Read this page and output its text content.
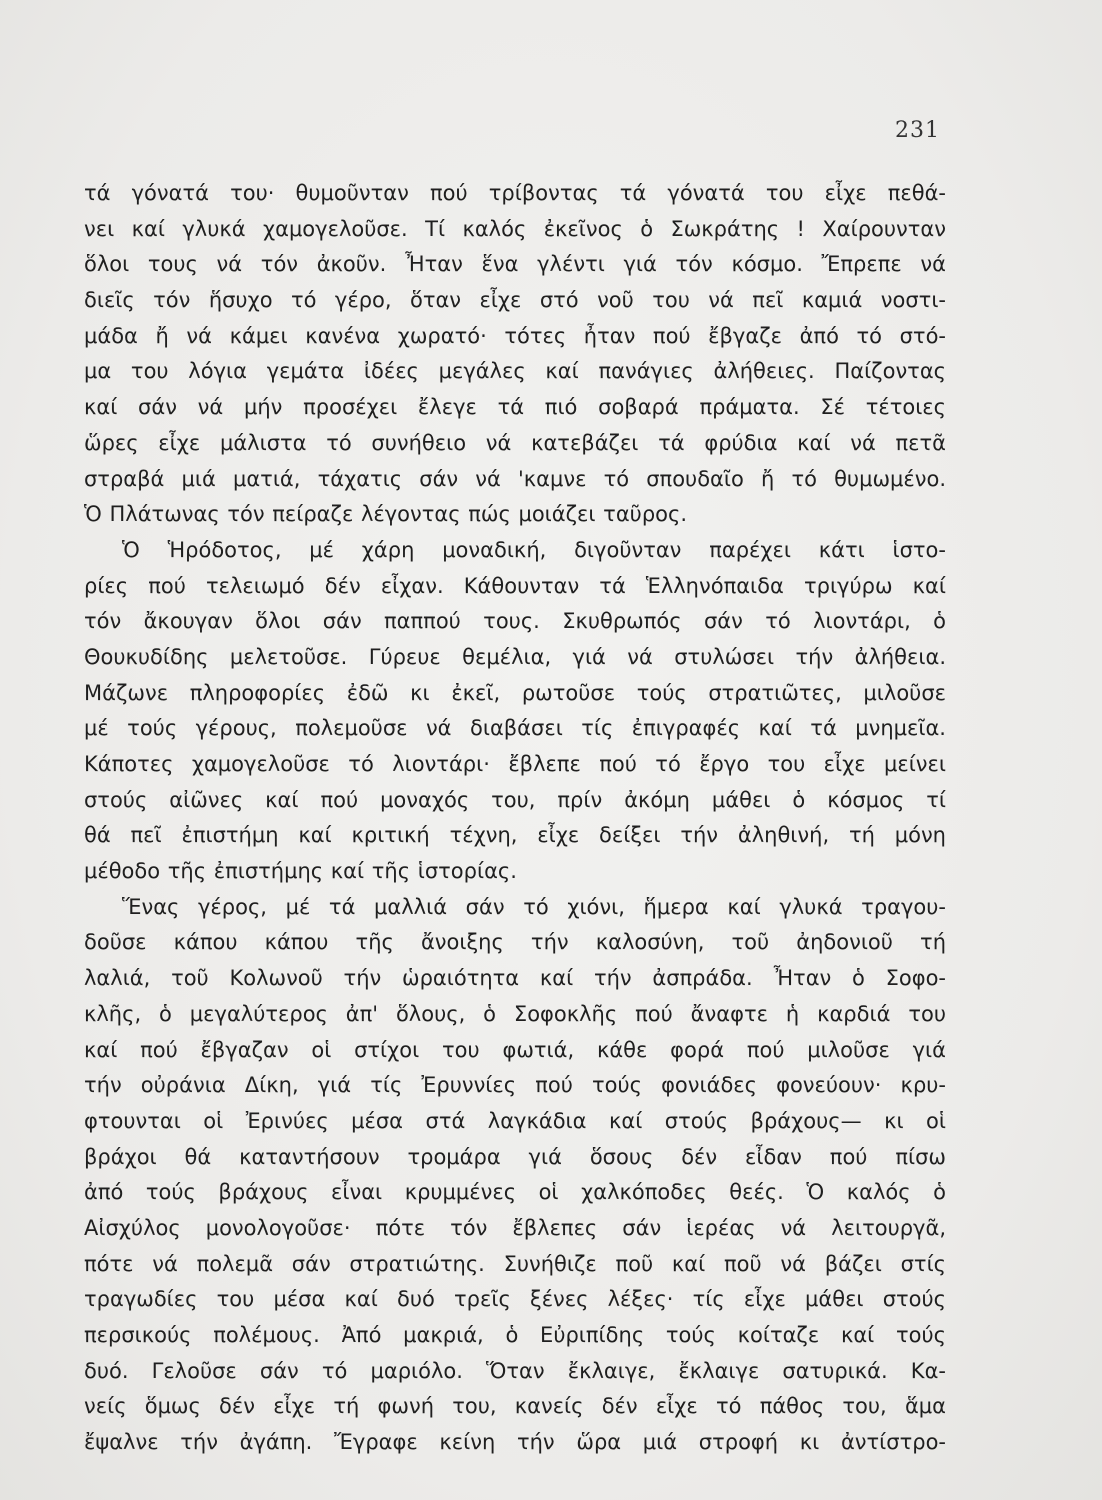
231
τά γόνατά του· θυμοῦνταν πού τρίβοντας τά γόνατά του εἶχε πεθά-
νει καί γλυκά χαμογελοῦσε. Τί καλός ἐκεῖνος ὁ Σωκράτης ! Χαίρουνταν
ὅλοι τους νά τόν ἀκοῦν. Ἦταν ἕνα γλέντι γιά τόν κόσμο. Ἔπρεπε νά
διεῖς τόν ἥσυχο τό γέρο, ὅταν εἶχε στό νοῦ του νά πεῖ καμιά νοστι-
μάδα ἤ νά κάμει κανένα χωρατό· τότες ἦταν πού ἔβγαζε ἀπό τό στό-
μα του λόγια γεμάτα ἰδέες μεγάλες καί πανάγιες ἀλήθειες. Παίζοντας
καί σάν νά μήν προσέχει ἔλεγε τά πιό σοβαρά πράματα. Σέ τέτοιες
ὥρες εἶχε μάλιστα τό συνήθειο νά κατεβάζει τά φρύδια καί νά πετᾶ
στραβά μιά ματιά, τάχατις σάν νά 'καμνε τό σπουδαῖο ἤ τό θυμωμένο.
Ὁ Πλάτωνας τόν πείραζε λέγοντας πώς μοιάζει ταῦρος.
Ὁ Ἡρόδοτος, μέ χάρη μοναδική, διγοῦνταν παρέχει κάτι ἱστο-
ρίες πού τελειωμό δέν εἶχαν. Κάθουνταν τά Ἑλληνόπαιδα τριγύρω καί
τόν ἄκουγαν ὅλοι σάν παππού τους. Σκυθρωπός σάν τό λιοντάρι, ὁ
Θουκυδίδης μελετοῦσε. Γύρευε θεμέλια, γιά νά στυλώσει τήν ἀλήθεια.
Μάζωνε πληροφορίες ἐδῶ κι ἐκεῖ, ρωτοῦσε τούς στρατιῶτες, μιλοῦσε
μέ τούς γέρους, πολεμοῦσε νά διαβάσει τίς ἐπιγραφές καί τά μνημεῖα.
Κάποτες χαμογελοῦσε τό λιοντάρι· ἔβλεπε πού τό ἔργο του εἶχε μείνει
στούς αἰῶνες καί πού μοναχός του, πρίν ἀκόμη μάθει ὁ κόσμος τί
θά πεῖ ἐπιστήμη καί κριτική τέχνη, εἶχε δείξει τήν ἀληθινή, τή μόνη
μέθοδο τῆς ἐπιστήμης καί τῆς ἱστορίας.
Ἕνας γέρος, μέ τά μαλλιά σάν τό χιόνι, ἥμερα καί γλυκά τραγου-
δοῦσε κάπου κάπου τῆς ἄνοιξης τήν καλοσύνη, τοῦ ἀηδονιοῦ τή
λαλιά, τοῦ Κολωνοῦ τήν ὡραιότητα καί τήν ἀσπράδα. Ἦταν ὁ Σοφο-
κλῆς, ὁ μεγαλύτερος ἀπ' ὅλους, ὁ Σοφοκλῆς πού ἄναφτε ἡ καρδιά του
καί πού ἔβγαζαν οἱ στίχοι του φωτιά, κάθε φορά πού μιλοῦσε γιά
τήν οὐράνια Δίκη, γιά τίς Ἐρυννίες πού τούς φονιάδες φονεύουν· κρυ-
φτουνται οἱ Ἐρινύες μέσα στά λαγκάδια καί στούς βράχους— κι οἱ
βράχοι θά καταντήσουν τρομάρα γιά ὅσους δέν εἶδαν πού πίσω
ἀπό τούς βράχους εἶναι κρυμμένες οἱ χαλκόποδες θεές. Ὁ καλός ὁ
Αἰσχύλος μονολογοῦσε· πότε τόν ἔβλεπες σάν ἱερέας νά λειτουργᾶ,
πότε νά πολεμᾶ σάν στρατιώτης. Συνήθιζε ποῦ καί ποῦ νά βάζει στίς
τραγωδίες του μέσα καί δυό τρεῖς ξένες λέξες· τίς εἶχε μάθει στούς
περσικούς πολέμους. Ἀπό μακριά, ὁ Εὐριπίδης τούς κοίταζε καί τούς
δυό. Γελοῦσε σάν τό μαριόλο. Ὅταν ἔκλαιγε, ἔκλαιγε σατυρικά. Κα-
νείς ὅμως δέν εἶχε τή φωνή του, κανείς δέν εἶχε τό πάθος του, ἅμα
ἔψαλνε τήν ἀγάπη. Ἔγραφε κείνη τήν ὥρα μιά στροφή κι ἀντίστρο-
